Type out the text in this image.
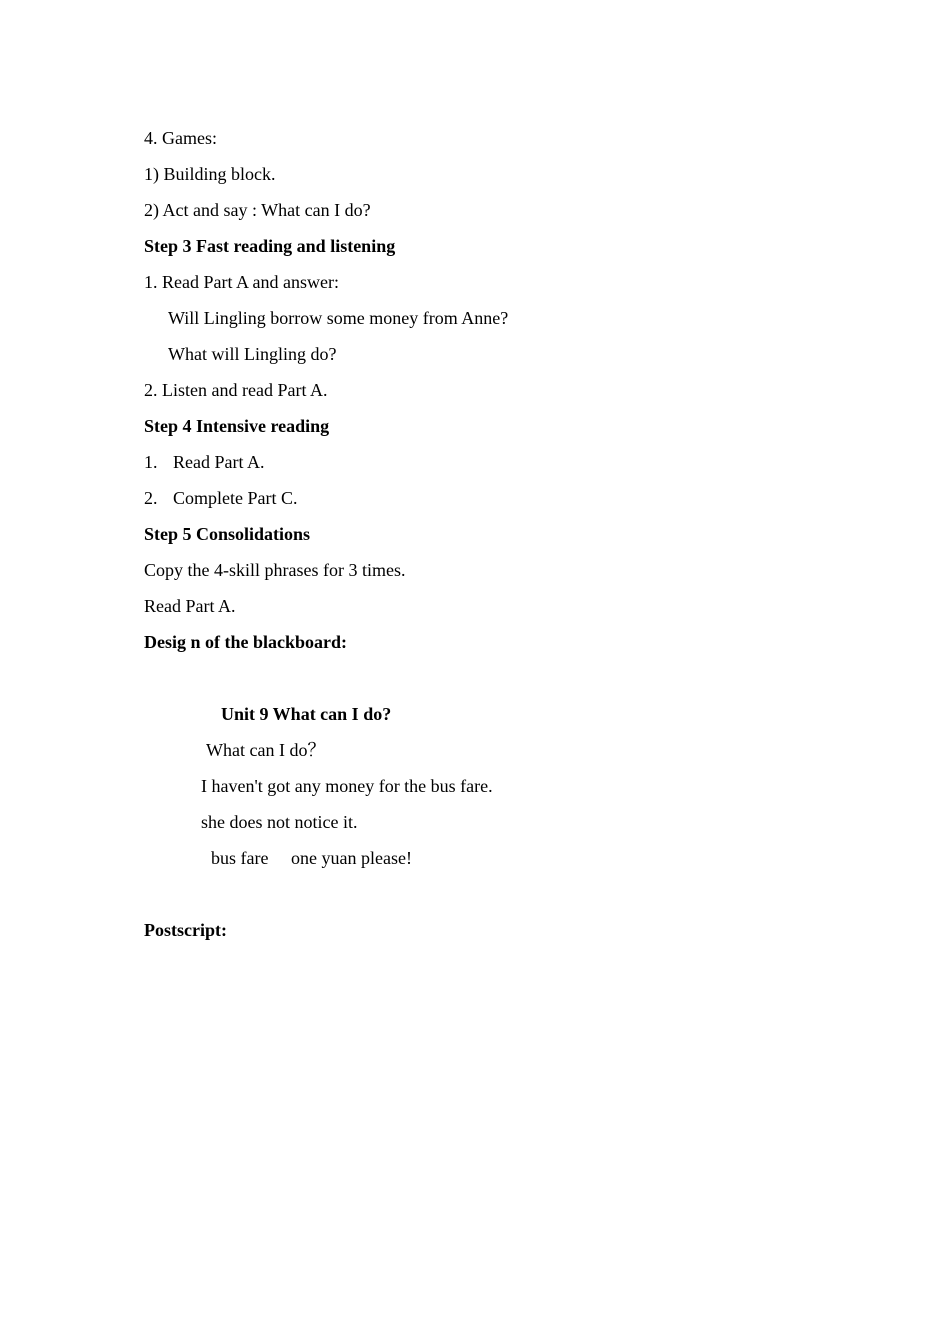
4. Games:
1) Building block.
2) Act and say : What can I do?
Step 3 Fast reading and listening
1. Read Part A and answer:
Will Lingling borrow some money from Anne?
What will Lingling do?
2. Listen and read Part A.
Step 4 Intensive reading
1. Read Part A.
2. Complete Part C.
Step 5 Consolidations
Copy the 4-skill phrases for 3 times.
Read Part A.
Desig n of the blackboard:
Unit 9 What can I do?
What can I do？
I haven't got any money for the bus fare.
she does not notice it.
bus fare one yuan please!
Postscript:
